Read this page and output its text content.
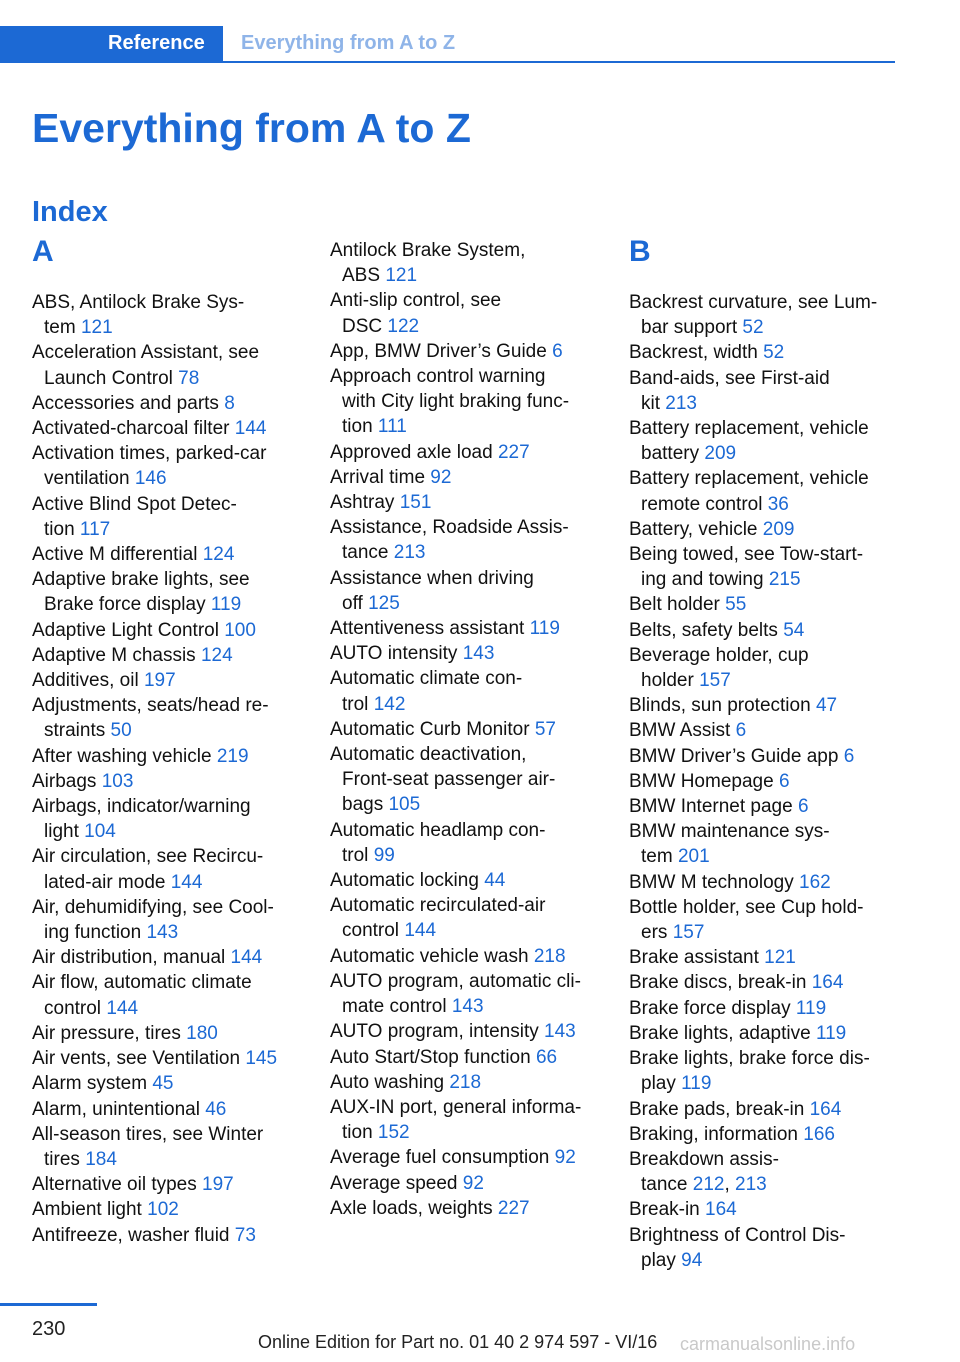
Reference	Everything from A to Z
Everything from A to Z
Index
A
ABS, Antilock Brake Sys‑
tem 121
Acceleration Assistant, see
Launch Control 78
Accessories and parts 8
Activated-charcoal filter 144
Activation times, parked-car
ventilation 146
Active Blind Spot Detec‑
tion 117
Active M differential 124
Adaptive brake lights, see
Brake force display 119
Adaptive Light Control 100
Adaptive M chassis 124
Additives, oil 197
Adjustments, seats/head re‑
straints 50
After washing vehicle 219
Airbags 103
Airbags, indicator/warning
light 104
Air circulation, see Recircu‑
lated-air mode 144
Air, dehumidifying, see Cool‑
ing function 143
Air distribution, manual 144
Air flow, automatic climate
control 144
Air pressure, tires 180
Air vents, see Ventilation 145
Alarm system 45
Alarm, unintentional 46
All-season tires, see Winter
tires 184
Alternative oil types 197
Ambient light 102
Antifreeze, washer fluid 73
Antilock Brake System,
ABS 121
Anti-slip control, see
DSC 122
App, BMW Driver’s Guide 6
Approach control warning
with City light braking func‑
tion 111
Approved axle load 227
Arrival time 92
Ashtray 151
Assistance, Roadside Assis‑
tance 213
Assistance when driving
off 125
Attentiveness assistant 119
AUTO intensity 143
Automatic climate con‑
trol 142
Automatic Curb Monitor 57
Automatic deactivation,
Front-seat passenger air‑
bags 105
Automatic headlamp con‑
trol 99
Automatic locking 44
Automatic recirculated-air
control 144
Automatic vehicle wash 218
AUTO program, automatic cli‑
mate control 143
AUTO program, intensity 143
Auto Start/Stop function 66
Auto washing 218
AUX-IN port, general informa‑
tion 152
Average fuel consumption 92
Average speed 92
Axle loads, weights 227
B
Backrest curvature, see Lum‑
bar support 52
Backrest, width 52
Band-aids, see First-aid
kit 213
Battery replacement, vehicle
battery 209
Battery replacement, vehicle
remote control 36
Battery, vehicle 209
Being towed, see Tow-start‑
ing and towing 215
Belt holder 55
Belts, safety belts 54
Beverage holder, cup
holder 157
Blinds, sun protection 47
BMW Assist 6
BMW Driver’s Guide app 6
BMW Homepage 6
BMW Internet page 6
BMW maintenance sys‑
tem 201
BMW M technology 162
Bottle holder, see Cup hold‑
ers 157
Brake assistant 121
Brake discs, break-in 164
Brake force display 119
Brake lights, adaptive 119
Brake lights, brake force dis‑
play 119
Brake pads, break-in 164
Braking, information 166
Breakdown assis‑
tance 212, 213
Break-in 164
Brightness of Control Dis‑
play 94
230
Online Edition for Part no. 01 40 2 974 597 - VI/16 carmanualsonline.info
